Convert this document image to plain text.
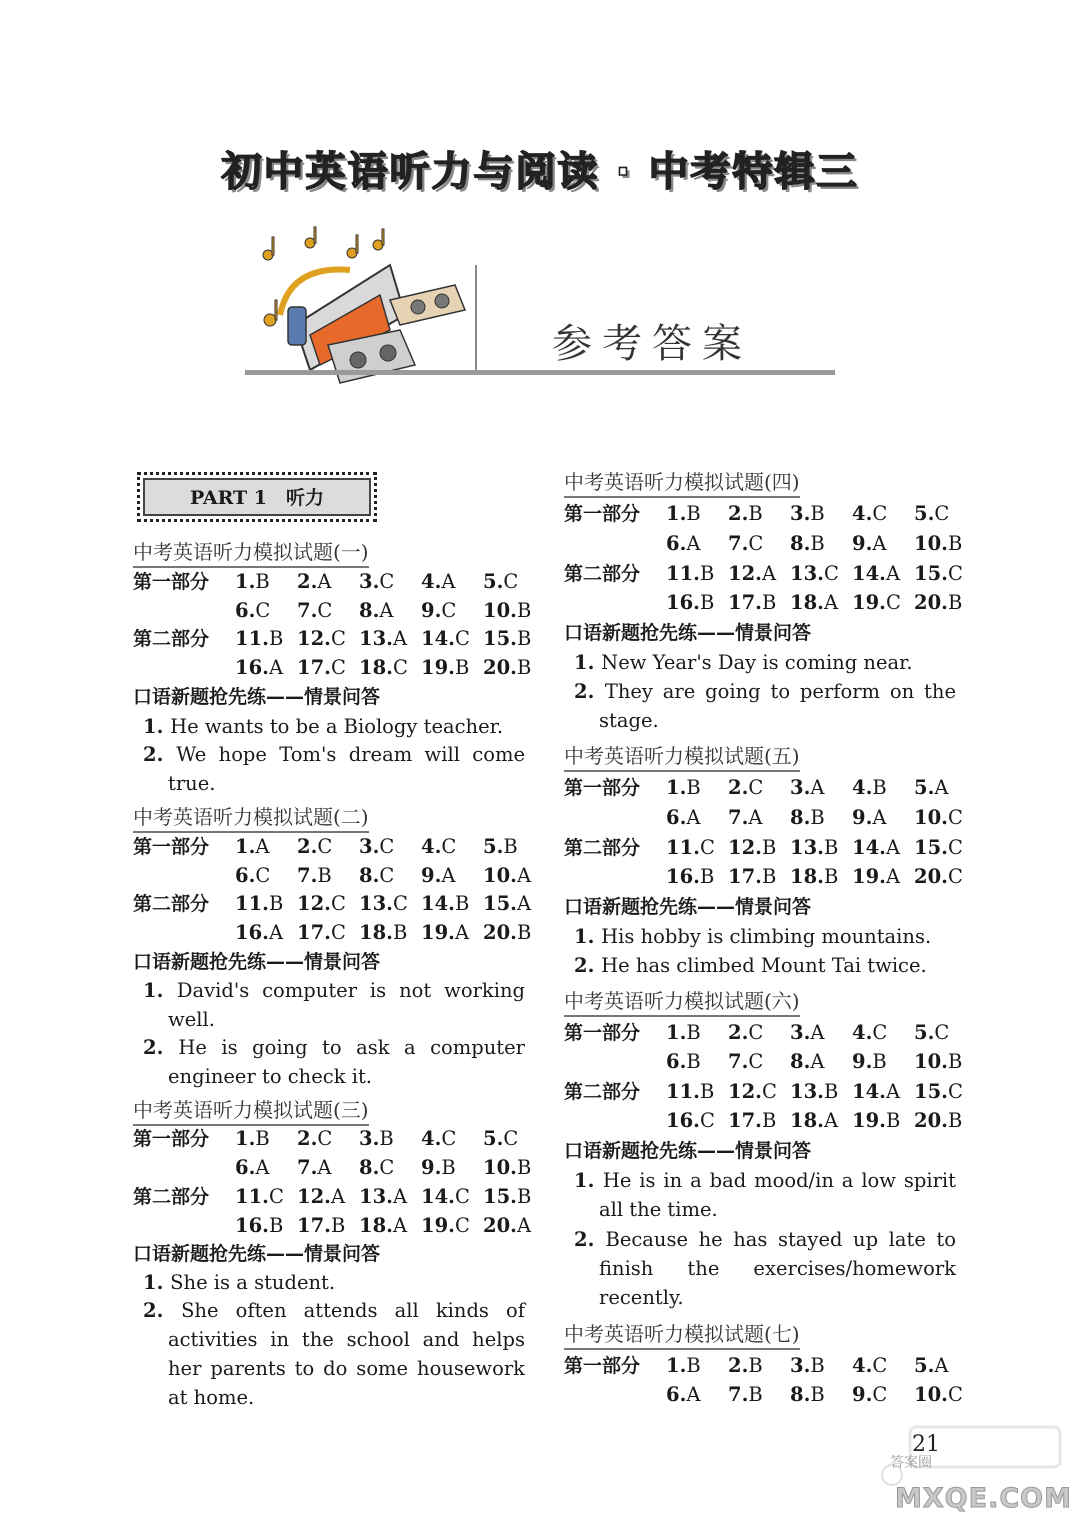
初中英语听力与阅读 · 中考特辑三
参考答案
PART 1　听力
中考英语听力模拟试题(一)
第一部分 1.B 2.A 3.C 4.A 5.C
6.C 7.C 8.A 9.C 10.B
第二部分 11.B 12.C 13.A 14.C 15.B
16.A 17.C 18.C 19.B 20.B
口语新题抢先练——情景问答
1. He wants to be a Biology teacher.
2. We hope Tom's dream will come true.
中考英语听力模拟试题(二)
第一部分 1.A 2.C 3.C 4.C 5.B
6.C 7.B 8.C 9.A 10.A
第二部分 11.B 12.C 13.C 14.B 15.A
16.A 17.C 18.B 19.A 20.B
口语新题抢先练——情景问答
1. David's computer is not working well.
2. He is going to ask a computer engineer to check it.
中考英语听力模拟试题(三)
第一部分 1.B 2.C 3.B 4.C 5.C
6.A 7.A 8.C 9.B 10.B
第二部分 11.C 12.A 13.A 14.C 15.B
16.B 17.B 18.A 19.C 20.A
口语新题抢先练——情景问答
1. She is a student.
2. She often attends all kinds of activities in the school and helps her parents to do some housework at home.
中考英语听力模拟试题(四)
第一部分 1.B 2.B 3.B 4.C 5.C
6.A 7.C 8.B 9.A 10.B
第二部分 11.B 12.A 13.C 14.A 15.C
16.B 17.B 18.A 19.C 20.B
口语新题抢先练——情景问答
1. New Year's Day is coming near.
2. They are going to perform on the stage.
中考英语听力模拟试题(五)
第一部分 1.B 2.C 3.A 4.B 5.A
6.A 7.A 8.B 9.A 10.C
第二部分 11.C 12.B 13.B 14.A 15.C
16.B 17.B 18.B 19.A 20.C
口语新题抢先练——情景问答
1. His hobby is climbing mountains.
2. He has climbed Mount Tai twice.
中考英语听力模拟试题(六)
第一部分 1.B 2.C 3.A 4.C 5.C
6.B 7.C 8.A 9.B 10.B
第二部分 11.B 12.C 13.B 14.A 15.C
16.C 17.B 18.A 19.B 20.B
口语新题抢先练——情景问答
1. He is in a bad mood/in a low spirit all the time.
2. Because he has stayed up late to finish the exercises/homework recently.
中考英语听力模拟试题(七)
第一部分 1.B 2.B 3.B 4.C 5.A
6.A 7.B 8.B 9.C 10.C
21
答案圈
MXQE.COM
